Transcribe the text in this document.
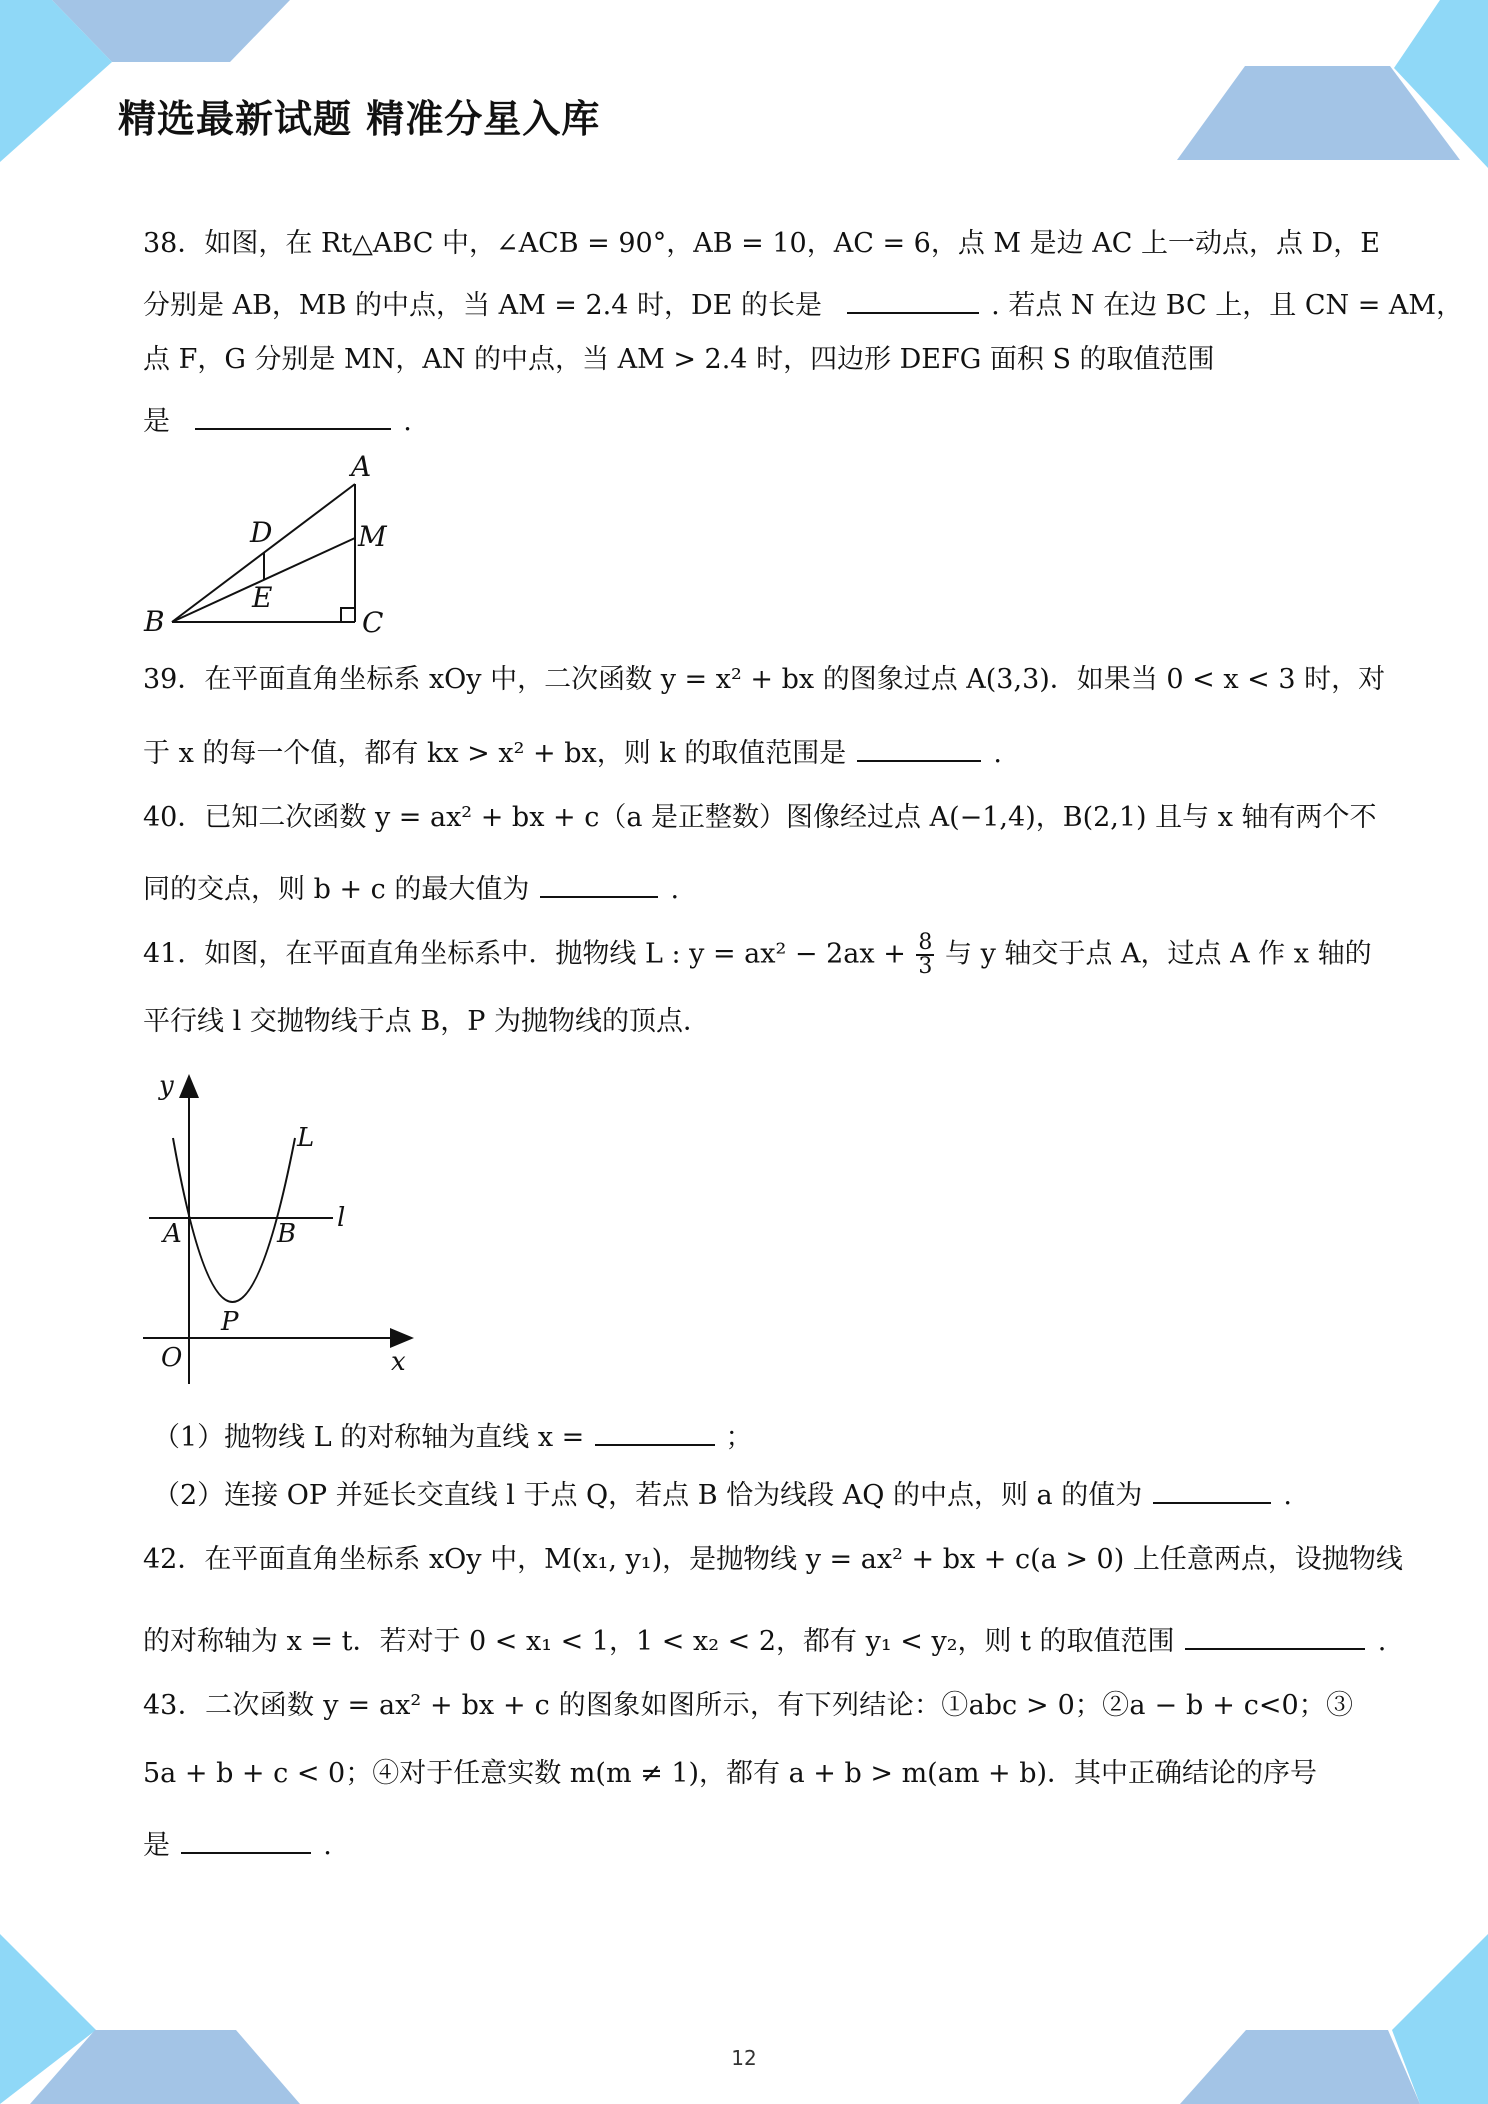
精选最新试题 精准分星入库
38．如图，在 Rt△ABC 中，∠ACB = 90°，AB = 10，AC = 6，点 M 是边 AC 上一动点，点 D，E
分别是 AB，MB 的中点，当 AM = 2.4 时，DE 的长是	. 若点 N 在边 BC 上，且 CN = AM，
点 F，G 分别是 MN，AN 的中点，当 AM > 2.4 时，四边形 DEFG 面积 S 的取值范围
是	.
39．在平面直角坐标系 xOy 中，二次函数 y = x² + bx 的图象过点 A(3,3)．如果当 0 < x < 3 时，对
于 x 的每一个值，都有 kx > x² + bx，则 k 的取值范围是	.
40．已知二次函数 y = ax² + bx + c（a 是正整数）图像经过点 A(−1,4)，B(2,1) 且与 x 轴有两个不
同的交点，则 b + c 的最大值为	.
41．如图，在平面直角坐标系中．抛物线 L : $y = ax^2 - 2ax + \frac{8}{3}$ 与 y 轴交于点 A，过点 A 作 x 轴的
平行线 l 交抛物线于点 B，P 为抛物线的顶点．
（1）抛物线 L 的对称轴为直线 x =	；
（2）连接 OP 并延长交直线 l 于点 Q，若点 B 恰为线段 AQ 的中点，则 a 的值为	.
42．在平面直角坐标系 xOy 中，M(x₁, y₁)，是抛物线 y = ax² + bx + c(a > 0) 上任意两点，设抛物线
的对称轴为 x = t．若对于 0 < x₁ < 1，1 < x₂ < 2，都有 y₁ < y₂，则 t 的取值范围	.
43．二次函数 y = ax² + bx + c 的图象如图所示，有下列结论：①abc > 0；②a − b + c<0；③
5a + b + c < 0；④对于任意实数 m(m ≠ 1)，都有 a + b > m(am + b)．其中正确结论的序号
是	.
A
B	C
D
E
M
y
x
L
l
A	B
P
O
12
